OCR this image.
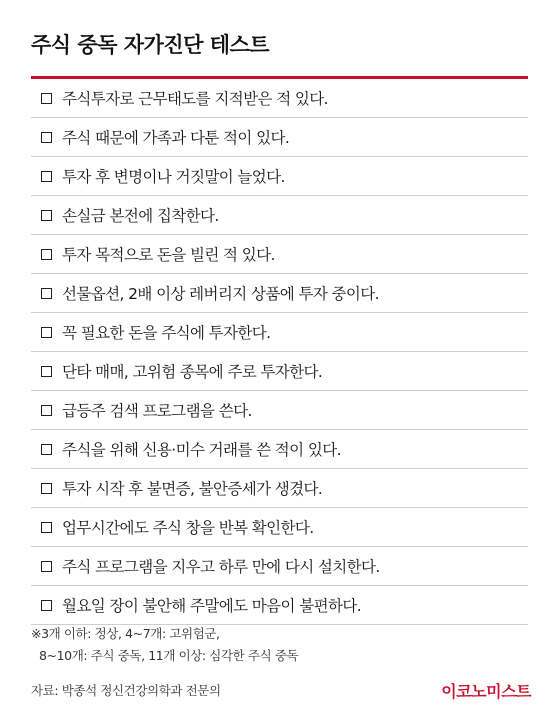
주식 중독 자가진단 테스트
주식투자로 근무태도를 지적받은 적 있다.
주식 때문에 가족과 다툰 적이 있다.
투자 후 변명이나 거짓말이 늘었다.
손실금 본전에 집착한다.
투자 목적으로 돈을 빌린 적 있다.
선물옵션, 2배 이상 레버리지 상품에 투자 중이다.
꼭 필요한 돈을 주식에 투자한다.
단타 매매, 고위험 종목에 주로 투자한다.
급등주 검색 프로그램을 쓴다.
주식을 위해 신용·미수 거래를 쓴 적이 있다.
투자 시작 후 불면증, 불안증세가 생겼다.
업무시간에도 주식 창을 반복 확인한다.
주식 프로그램을 지우고 하루 만에 다시 설치한다.
월요일 장이 불안해 주말에도 마음이 불편하다.
※3개 이하: 정상, 4~7개: 고위험군,
8~10개: 주식 중독, 11개 이상: 심각한 주식 중독
자료: 박종석 정신건강의학과 전문의	이코노미스트
